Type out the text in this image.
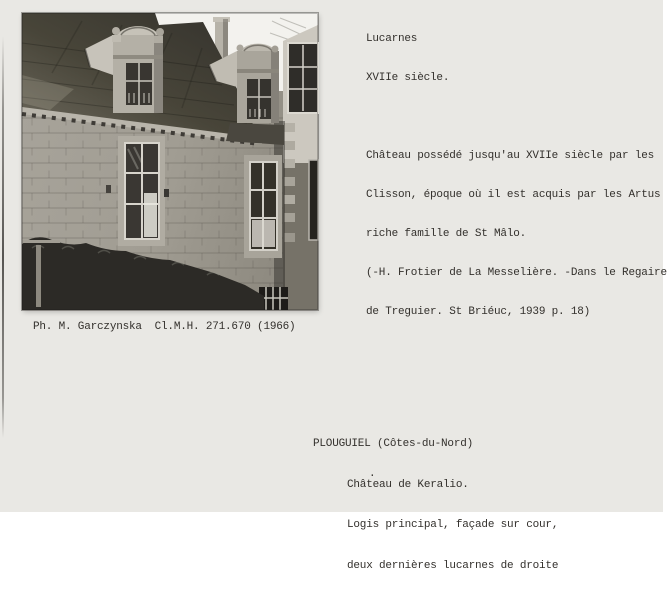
Lucarnes

XVIIe siècle.

Château possédé jusqu'au XVIIe siècle par les

Clisson, époque où il est acquis par les Artus

riche famille de St Mâlo.

(-H. Frotier de La Messelière. -Dans le Regaire

de Treguier. St Briéuc, 1939 p. 18)

Ph. M. Garczynska  Cl.M.H. 271.670 (1966)

PLOUGUIEL (Côtes-du-Nord)

Château de Keralio.

Logis principal, façade sur cour,

deux dernières lucarnes de droite

.
